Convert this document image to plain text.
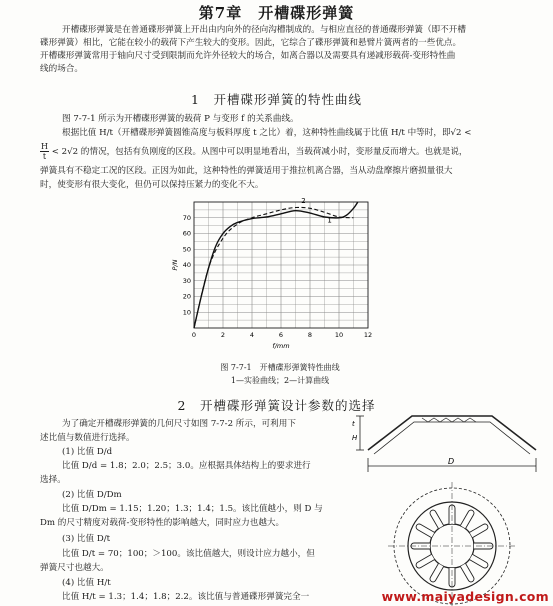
第7章　开槽碟形弹簧
开槽碟形弹簧是在普通碟形弹簧上开出由内向外的径向沟槽制成的。与相应直径的普通碟形弹簧（即不开槽
碟形弹簧）相比，它能在较小的载荷下产生较大的变形。因此，它综合了碟形弹簧和悬臂片簧两者的一些优点。
开槽碟形弹簧常用于轴向尺寸受到限制而允许外径较大的场合，如离合器以及需要具有递减形载荷-变形特性曲
线的场合。
1　开槽碟形弹簧的特性曲线
图 7-7-1 所示为开槽碟形弹簧的载荷 P 与变形 f 的关系曲线。
根据比值 H/t（开槽碟形弹簧圆锥高度与板料厚度 t 之比）着，这种特性曲线属于比值 H/t 中等时，即√2 <
$\frac{H}{t} < 2√2$ 的情况，包括有负刚度的区段。从图中可以明显地看出，当载荷减小时，变形量反而增大。也就是说，
弹簧具有不稳定工况的区段。正因为如此，这种特性的弹簧适用于推拉机离合器，当从动盘摩擦片磨损量很大
时，使变形有很大变化，但仍可以保持压紧力的变化不大。
0	2	4	6	8	10	12
10
20
30
40
50
60
70	1
2
f/mm
P/N
图 7-7-1　开槽碟形弹簧特性曲线
1—实验曲线；2—计算曲线
2　开槽碟形弹簧设计参数的选择
为了确定开槽碟形弹簧的几何尺寸如图 7-7-2 所示，可利用下
述比值与数值进行选择。
(1) 比值 D/d
比值 D/d = 1.8；2.0；2.5；3.0。应根据具体结构上的要求进行
选择。
(2) 比值 D/Dm
比值 D/Dm = 1.15；1.20；1.3；1.4；1.5。该比值越小，则 D 与
Dm 的尺寸精度对载荷-变形特性的影响越大，同时应力也越大。
(3) 比值 D/t
比值 D/t = 70；100；＞100。该比值越大，则设计应力越小，但
弹簧尺寸也越大。
(4) 比值 H/t
比值 H/t = 1.3；1.4；1.8；2.2。该比值与普通碟形弹簧完全一
D
t
H
www.maiyadesign.com
